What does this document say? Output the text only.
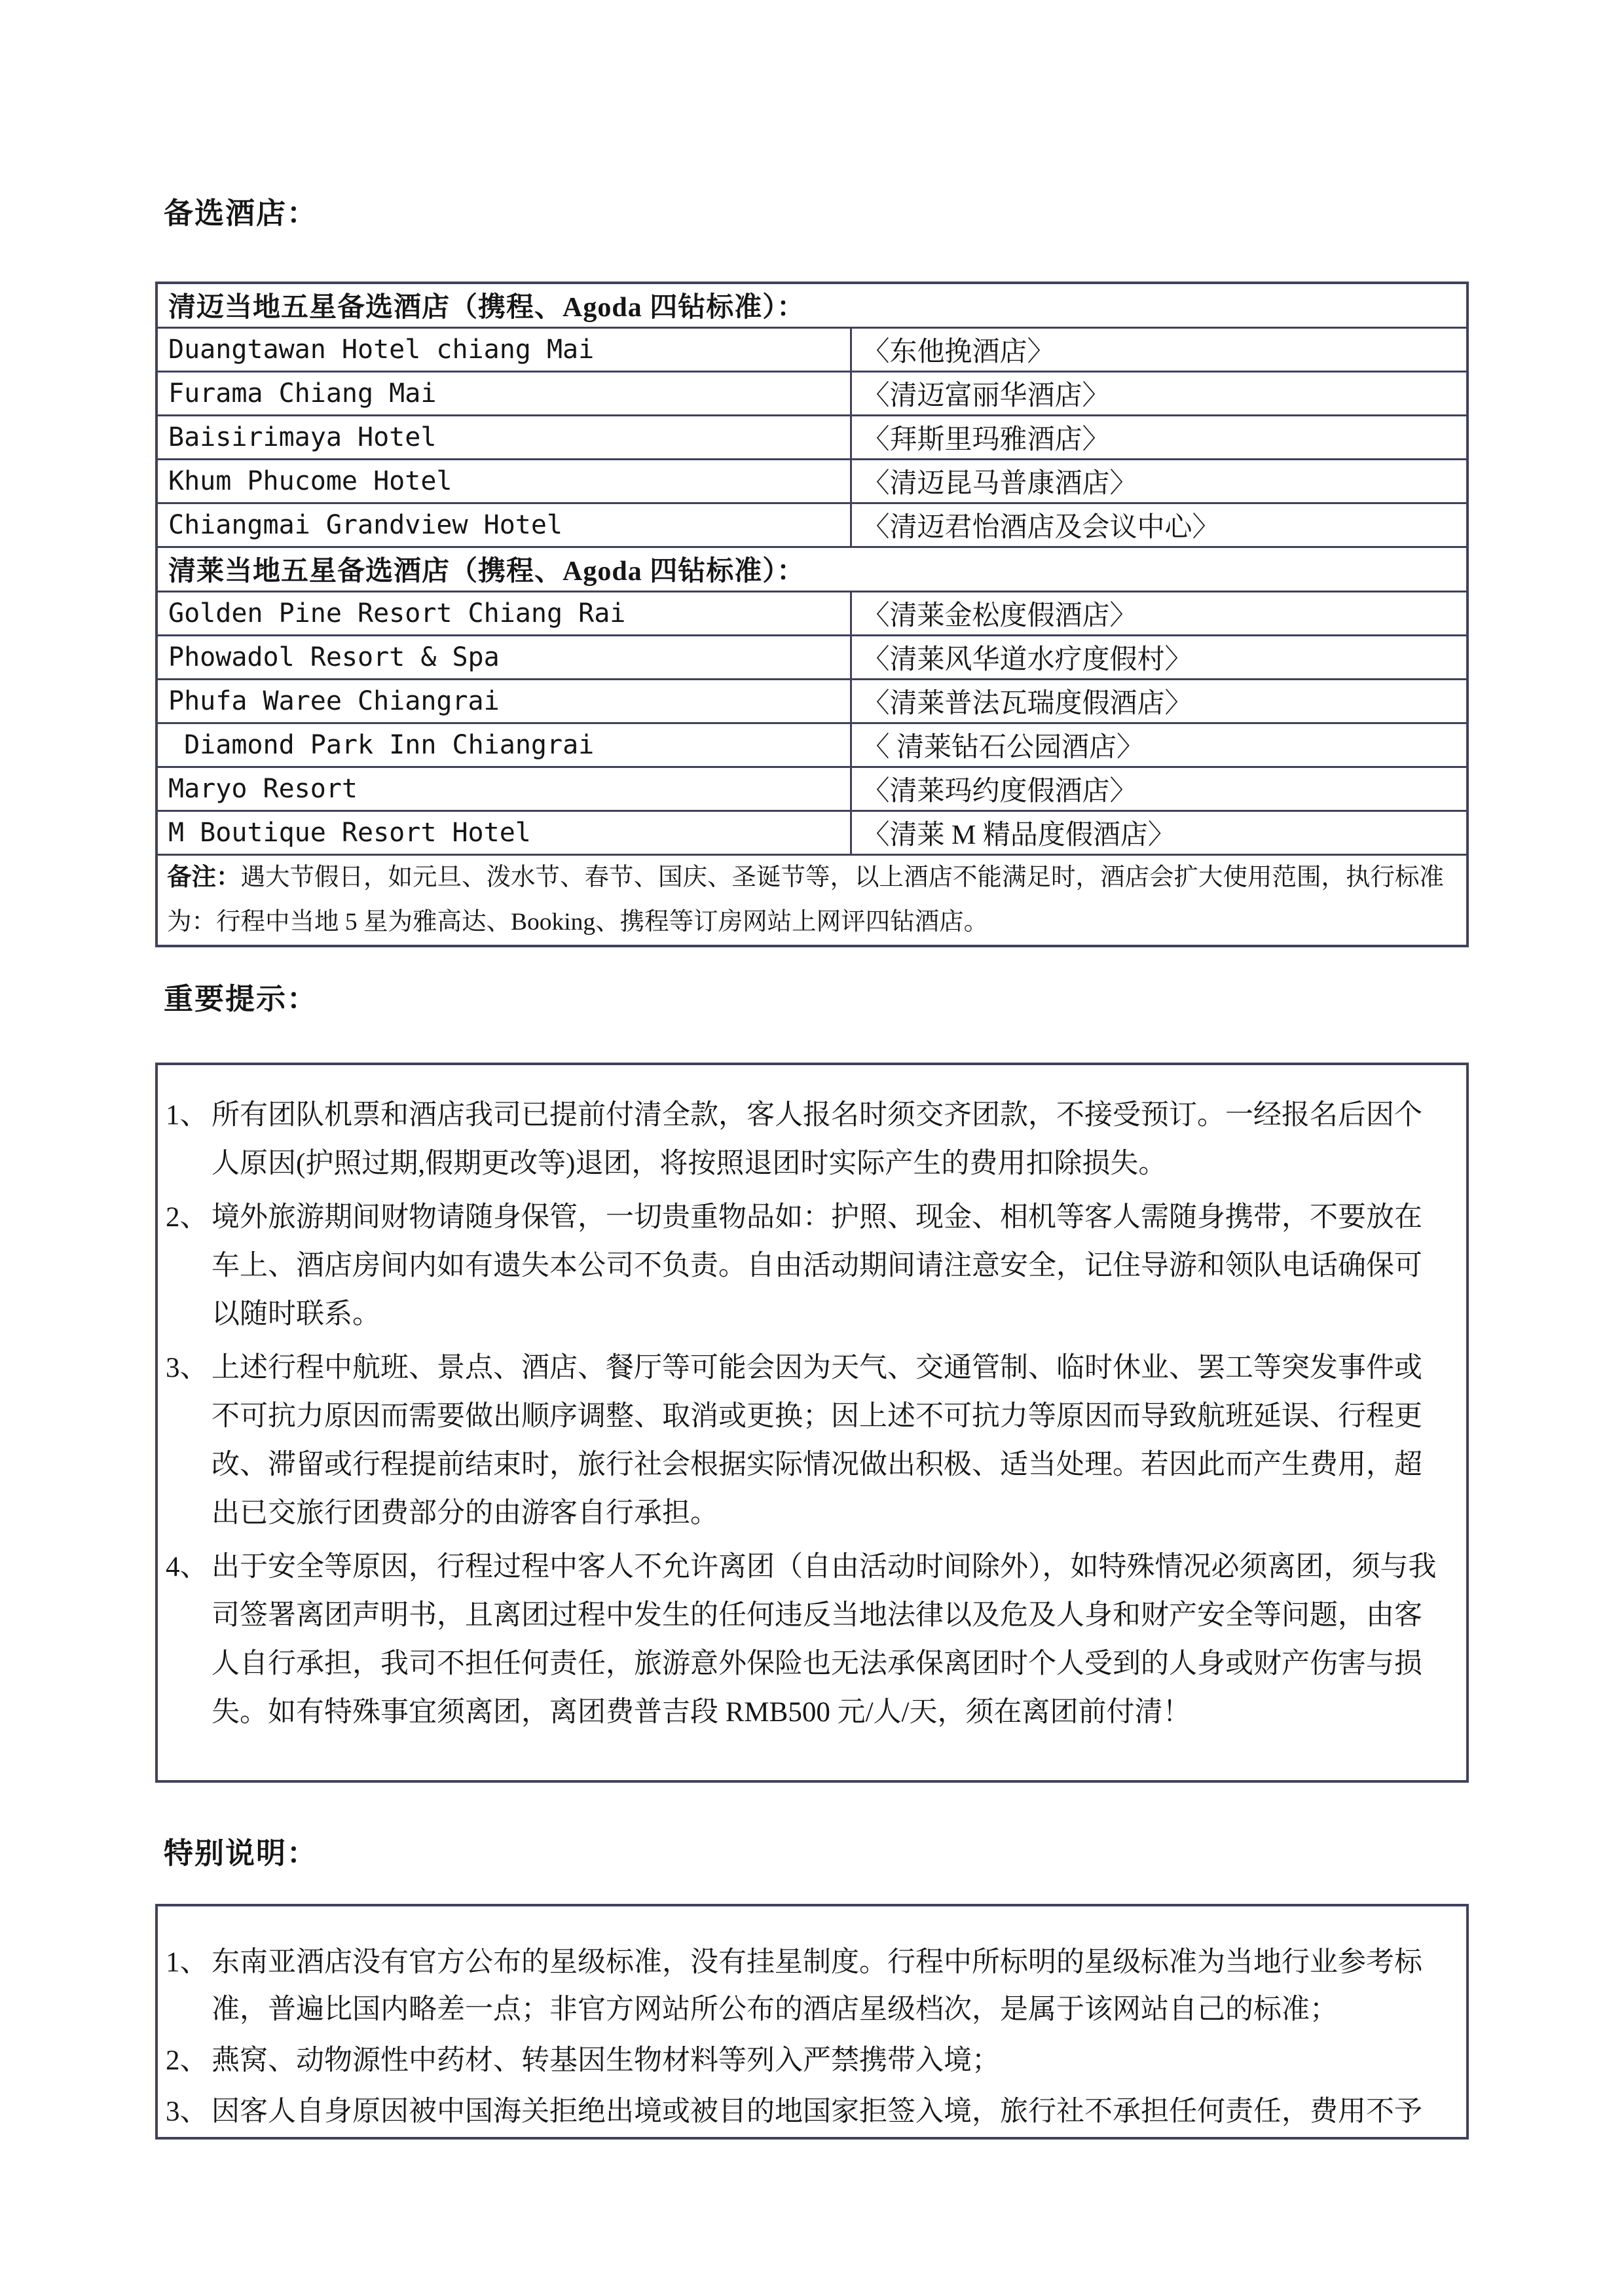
备选酒店：
清迈当地五星备选酒店（携程、Agoda 四钻标准）：	
Duangtawan Hotel chiang Mai	〈东他挽酒店〉
Furama Chiang Mai	〈清迈富丽华酒店〉
Baisirimaya Hotel	〈拜斯里玛雅酒店〉
Khum Phucome Hotel	〈清迈昆马普康酒店〉
Chiangmai Grandview Hotel	〈清迈君怡酒店及会议中心〉
清莱当地五星备选酒店（携程、Agoda 四钻标准）：	
Golden Pine Resort Chiang Rai	〈清莱金松度假酒店〉
Phowadol Resort & Spa	〈清莱风华道水疗度假村〉
Phufa Waree Chiangrai	〈清莱普法瓦瑞度假酒店〉
Diamond Park Inn Chiangrai	〈 清莱钻石公园酒店〉
Maryo Resort	〈清莱玛约度假酒店〉
M Boutique Resort Hotel	〈清莱 M 精品度假酒店〉
备注：遇大节假日，如元旦、泼水节、春节、国庆、圣诞节等，以上酒店不能满足时，酒店会扩大使用范围，执行标准为：行程中当地 5 星为雅高达、Booking、携程等订房网站上网评四钻酒店。	
重要提示：
1、 所有团队机票和酒店我司已提前付清全款，客人报名时须交齐团款，不接受预订。一经报名后因个人原因(护照过期,假期更改等)退团，将按照退团时实际产生的费用扣除损失。
2、 境外旅游期间财物请随身保管，一切贵重物品如：护照、现金、相机等客人需随身携带，不要放在车上、酒店房间内如有遗失本公司不负责。自由活动期间请注意安全，记住导游和领队电话确保可以随时联系。
3、 上述行程中航班、景点、酒店、餐厅等可能会因为天气、交通管制、临时休业、罢工等突发事件或不可抗力原因而需要做出顺序调整、取消或更换；因上述不可抗力等原因而导致航班延误、行程更改、滞留或行程提前结束时，旅行社会根据实际情况做出积极、适当处理。若因此而产生费用，超出已交旅行团费部分的由游客自行承担。
4、 出于安全等原因，行程过程中客人不允许离团（自由活动时间除外），如特殊情况必须离团，须与我司签署离团声明书，且离团过程中发生的任何违反当地法律以及危及人身和财产安全等问题，由客人自行承担，我司不担任何责任，旅游意外保险也无法承保离团时个人受到的人身或财产伤害与损失。如有特殊事宜须离团，离团费普吉段 RMB500 元/人/天，须在离团前付清！
特别说明：
1、 东南亚酒店没有官方公布的星级标准，没有挂星制度。行程中所标明的星级标准为当地行业参考标准，普遍比国内略差一点；非官方网站所公布的酒店星级档次，是属于该网站自己的标准；
2、 燕窝、动物源性中药材、转基因生物材料等列入严禁携带入境；
3、 因客人自身原因被中国海关拒绝出境或被目的地国家拒签入境，旅行社不承担任何责任，费用不予
